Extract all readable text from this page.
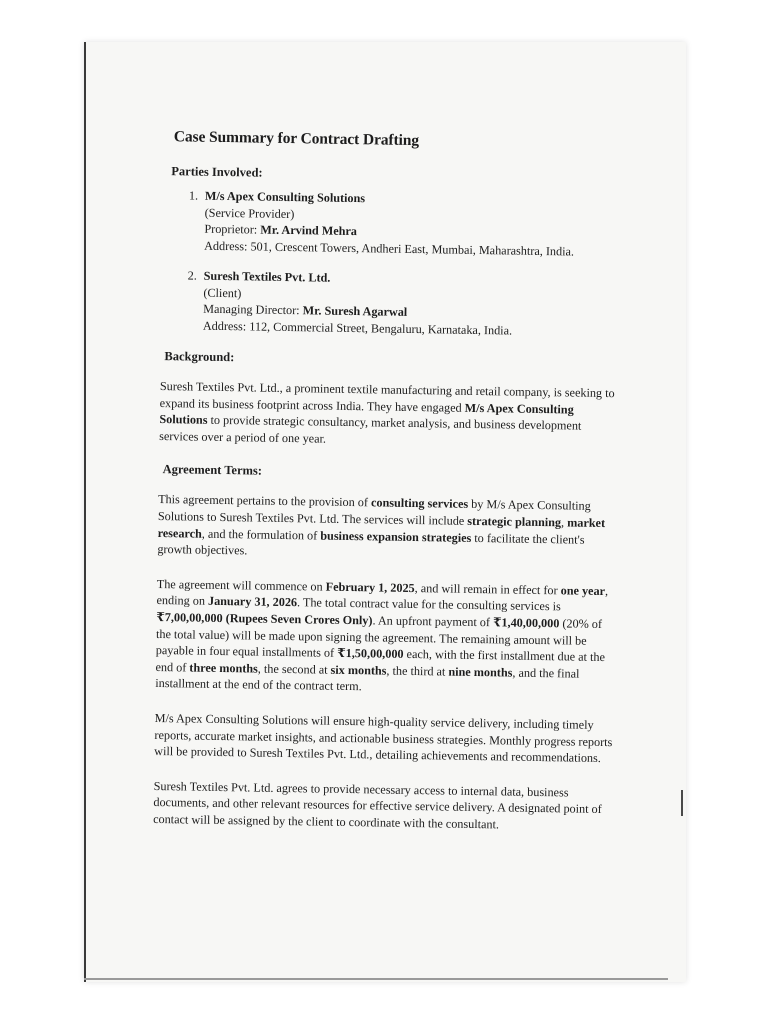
Case Summary for Contract Drafting
Parties Involved:
1. M/s Apex Consulting Solutions
(Service Provider)
Proprietor: Mr. Arvind Mehra
Address: 501, Crescent Towers, Andheri East, Mumbai, Maharashtra, India.
2. Suresh Textiles Pvt. Ltd.
(Client)
Managing Director: Mr. Suresh Agarwal
Address: 112, Commercial Street, Bengaluru, Karnataka, India.
Background:

Suresh Textiles Pvt. Ltd., a prominent textile manufacturing and retail company, is seeking to expand its business footprint across India. They have engaged M/s Apex Consulting Solutions to provide strategic consultancy, market analysis, and business development services over a period of one year.

Agreement Terms:

This agreement pertains to the provision of consulting services by M/s Apex Consulting Solutions to Suresh Textiles Pvt. Ltd. The services will include strategic planning, market research, and the formulation of business expansion strategies to facilitate the client's growth objectives.

The agreement will commence on February 1, 2025, and will remain in effect for one year, ending on January 31, 2026. The total contract value for the consulting services is ₹7,00,00,000 (Rupees Seven Crores Only). An upfront payment of ₹1,40,00,000 (20% of the total value) will be made upon signing the agreement. The remaining amount will be payable in four equal installments of ₹1,50,00,000 each, with the first installment due at the end of three months, the second at six months, the third at nine months, and the final installment at the end of the contract term.

M/s Apex Consulting Solutions will ensure high-quality service delivery, including timely reports, accurate market insights, and actionable business strategies. Monthly progress reports will be provided to Suresh Textiles Pvt. Ltd., detailing achievements and recommendations.

Suresh Textiles Pvt. Ltd. agrees to provide necessary access to internal data, business documents, and other relevant resources for effective service delivery. A designated point of contact will be assigned by the client to coordinate with the consultant.
